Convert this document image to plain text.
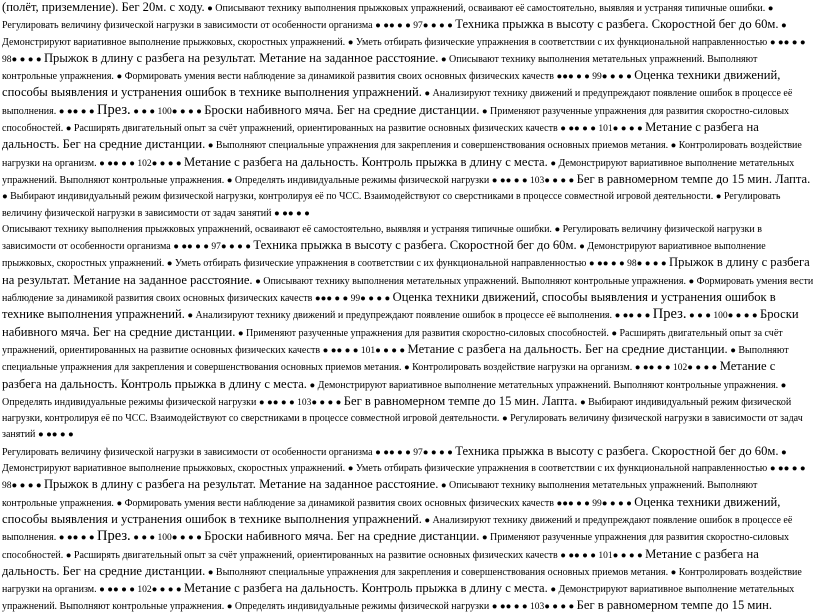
(полёт, приземление). Бег 20м. с ходу. ● Описывают технику выполнения прыжковых упражнений, осваивают её самостоятельно, выявляя и устраняя типичные ошибки. ● Регулировать величину физической нагрузки в зависимости от особенности организма ● ●● ● ● 97● ● ● ● Техника прыжка в высоту с разбега. Скоростной бег до 60м. ● Демонстрируют вариативное выполнение прыжковых, скоростных упражнений. ● Уметь отбирать физические упражнения в соответствии с их функциональной направленностью ● ●● ● ● 98● ● ● ● Прыжок в длину с разбега на результат. Метание на заданное расстояние. ● Описывают технику выполнения метательных упражнений. Выполняют контрольные упражнения. ● Формировать умения вести наблюдение за динамикой развития своих основных физических качеств ●●● ● ● 99● ● ● ● Оценка техники движений, способы выявления и устранения ошибок в технике выполнения упражнений. ● Анализируют технику движений и предупреждают появление ошибок в процессе её выполнения. ● ●● ● ● През. ● ● ● 100● ● ● ● Броски набивного мяча. Бег на средние дистанции. ● Применяют разученные упражнения для развития скоростно-силовых способностей. ● Расширять двигательный опыт за счёт упражнений, ориентированных на развитие основных физических качеств ● ●● ● ● 101● ● ● ● Метание с разбега на дальность. Бег на средние дистанции. ● Выполняют специальные упражнения для закрепления и совершенствования основных приемов метания. ● Контролировать воздействие нагрузки на организм. ● ●● ● ● 102● ● ● ● Метание с разбега на дальность. Контроль прыжка в длину с места. ● Демонстрируют вариативное выполнение метательных упражнений. Выполняют контрольные упражнения. ● Определять индивидуальные режимы физической нагрузки ● ●● ● ● 103● ● ● ● Бег в равномерном темпе до 15 мин. Лапта. ● Выбирают индивидуальный режим физической нагрузки, контролируя её по ЧСС. Взаимодействуют со сверстниками в процессе совместной игровой деятельности. ● Регулировать величину физической нагрузки в зависимости от задач занятий ● ●● ● ●
Описывают технику выполнения прыжковых упражнений, осваивают её самостоятельно, выявляя и устраняя типичные ошибки. ● Регулировать величину физической нагрузки в зависимости от особенности организма ● ●● ● ● 97● ● ● ● Техника прыжка в высоту с разбега. Скоростной бег до 60м. ● Демонстрируют вариативное выполнение прыжковых, скоростных упражнений. ● Уметь отбирать физические упражнения в соответствии с их функциональной направленностью ● ●● ● ● 98● ● ● ● Прыжок в длину с разбега на результат. Метание на заданное расстояние. ● Описывают технику выполнения метательных упражнений. Выполняют контрольные упражнения. ● Формировать умения вести наблюдение за динамикой развития своих основных физических качеств ●●● ● ● 99● ● ● ● Оценка техники движений, способы выявления и устранения ошибок в технике выполнения упражнений. ● Анализируют технику движений и предупреждают появление ошибок в процессе её выполнения. ● ●● ● ● През. ● ● ● 100● ● ● ● Броски набивного мяча. Бег на средние дистанции. ● Применяют разученные упражнения для развития скоростно-силовых способностей. ● Расширять двигательный опыт за счёт упражнений, ориентированных на развитие основных физических качеств ● ●● ● ● 101● ● ● ● Метание с разбега на дальность. Бег на средние дистанции. ● Выполняют специальные упражнения для закрепления и совершенствования основных приемов метания. ● Контролировать воздействие нагрузки на организм. ● ●● ● ● 102● ● ● ● Метание с разбега на дальность. Контроль прыжка в длину с места. ● Демонстрируют вариативное выполнение метательных упражнений. Выполняют контрольные упражнения. ● Определять индивидуальные режимы физической нагрузки ● ●● ● ● 103● ● ● ● Бег в равномерном темпе до 15 мин. Лапта. ● Выбирают индивидуальный режим физической нагрузки, контролируя её по ЧСС. Взаимодействуют со сверстниками в процессе совместной игровой деятельности. ● Регулировать величину физической нагрузки в зависимости от задач занятий ● ●● ● ●
Регулировать величину физической нагрузки в зависимости от особенности организма ● ●● ● ● 97● ● ● ● Техника прыжка в высоту с разбега. Скоростной бег до 60м. ● Демонстрируют вариативное выполнение прыжковых, скоростных упражнений. ● Уметь отбирать физические упражнения в соответствии с их функциональной направленностью ● ●● ● ● 98● ● ● ● Прыжок в длину с разбега на результат. Метание на заданное расстояние. ● Описывают технику выполнения метательных упражнений. Выполняют контрольные упражнения. ● Формировать умения вести наблюдение за динамикой развития своих основных физических качеств ●●● ● ● 99● ● ● ● Оценка техники движений, способы выявления и устранения ошибок в технике выполнения упражнений. ● Анализируют технику движений и предупреждают появление ошибок в процессе её выполнения. ● ●● ● ● През. ● ● ● 100● ● ● ● Броски набивного мяча. Бег на средние дистанции. ● Применяют разученные упражнения для развития скоростно-силовых способностей. ● Расширять двигательный опыт за счёт упражнений, ориентированных на развитие основных физических качеств ● ●● ● ● 101● ● ● ● Метание с разбега на дальность. Бег на средние дистанции. ● Выполняют специальные упражнения для закрепления и совершенствования основных приемов метания. ● Контролировать воздействие нагрузки на организм. ● ●● ● ● 102● ● ● ● Метание с разбега на дальность. Контроль прыжка в длину с места. ● Демонстрируют вариативное выполнение метательных упражнений. Выполняют контрольные упражнения. ● Определять индивидуальные режимы физической нагрузки ● ●● ● ● 103● ● ● ● Бег в равномерном темпе до 15 мин.
